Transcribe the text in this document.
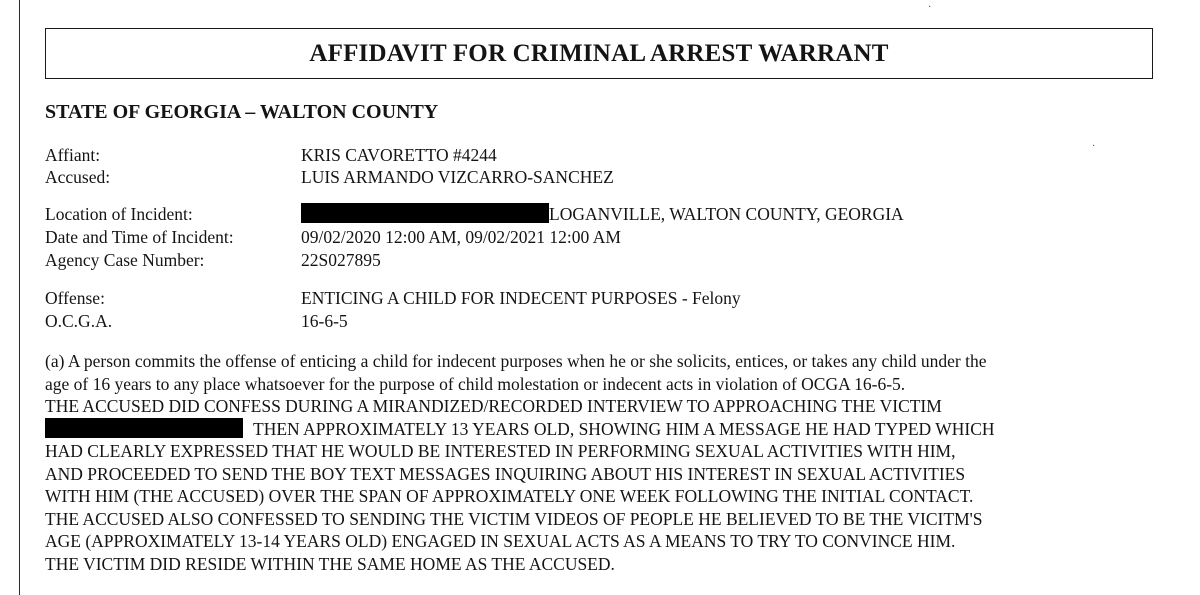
AFFIDAVIT FOR CRIMINAL ARREST WARRANT
STATE OF GEORGIA – WALTON COUNTY
Affiant:	KRIS CAVORETTO #4244
Accused:	LUIS ARMANDO VIZCARRO-SANCHEZ
Location of Incident:	LOGANVILLE, WALTON COUNTY, GEORGIA
Date and Time of Incident:	09/02/2020 12:00 AM, 09/02/2021 12:00 AM
Agency Case Number:	22S027895
Offense:	ENTICING A CHILD FOR INDECENT PURPOSES - Felony
O.C.G.A.	16-6-5
(a) A person commits the offense of enticing a child for indecent purposes when he or she solicits, entices, or takes any child under the
age of 16 years to any place whatsoever for the purpose of child molestation or indecent acts in violation of OCGA 16-6-5.
THE ACCUSED DID CONFESS DURING A MIRANDIZED/RECORDED INTERVIEW TO APPROACHING THE VICTIM
THEN APPROXIMATELY 13 YEARS OLD, SHOWING HIM A MESSAGE HE HAD TYPED WHICH
HAD CLEARLY EXPRESSED THAT HE WOULD BE INTERESTED IN PERFORMING SEXUAL ACTIVITIES WITH HIM,
AND PROCEEDED TO SEND THE BOY TEXT MESSAGES INQUIRING ABOUT HIS INTEREST IN SEXUAL ACTIVITIES
WITH HIM (THE ACCUSED) OVER THE SPAN OF APPROXIMATELY ONE WEEK FOLLOWING THE INITIAL CONTACT.
THE ACCUSED ALSO CONFESSED TO SENDING THE VICTIM VIDEOS OF PEOPLE HE BELIEVED TO BE THE VICITM'S
AGE (APPROXIMATELY 13-14 YEARS OLD) ENGAGED IN SEXUAL ACTS AS A MEANS TO TRY TO CONVINCE HIM.
THE VICTIM DID RESIDE WITHIN THE SAME HOME AS THE ACCUSED.
·
·
